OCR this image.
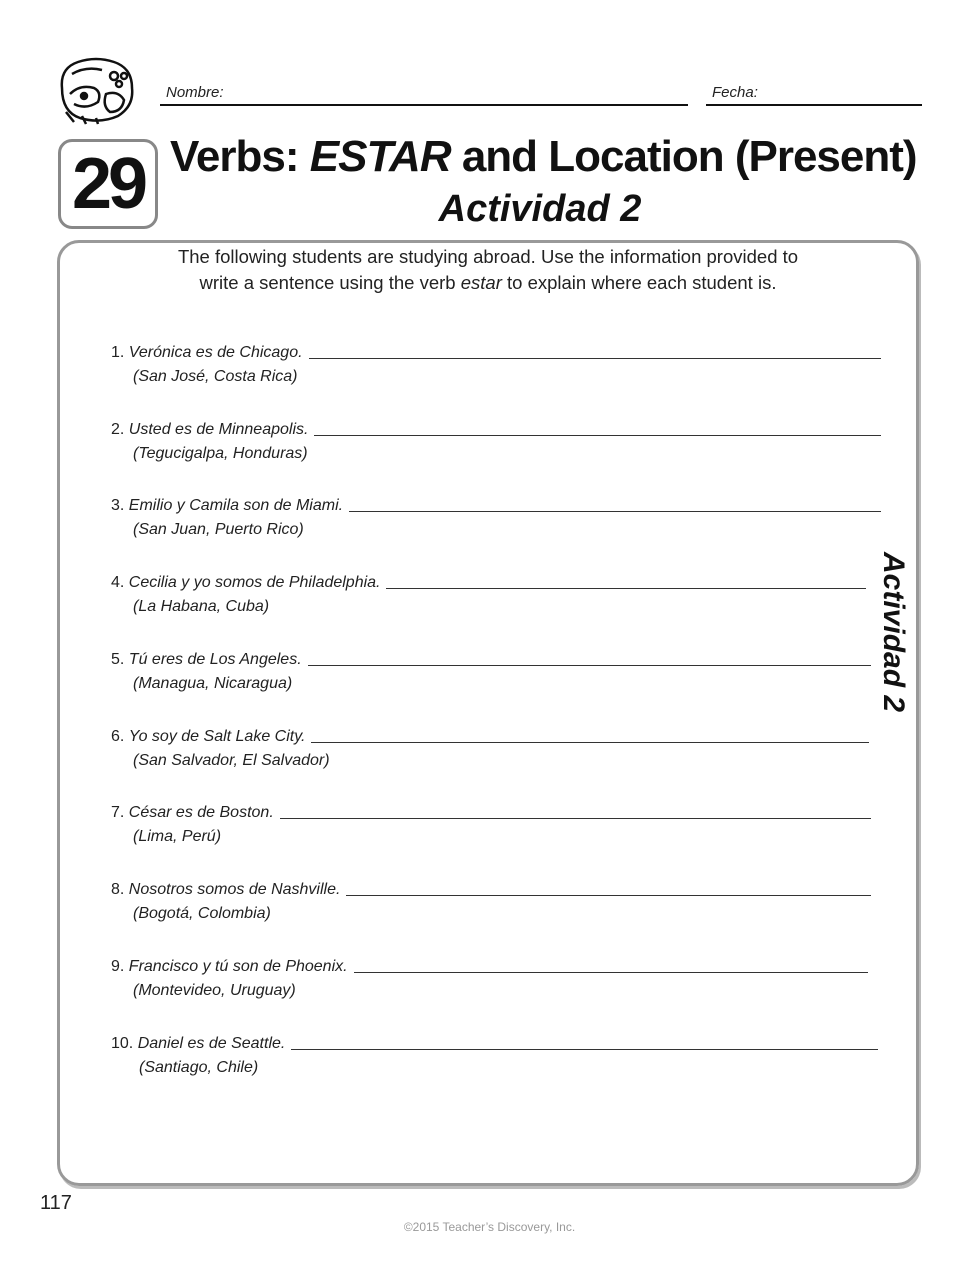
Nombre:	Fecha:
29 Verbs: ESTAR and Location (Present)
Actividad 2
The following students are studying abroad. Use the information provided to
write a sentence using the verb estar to explain where each student is.
1. Verónica es de Chicago.
(San José, Costa Rica)
2. Usted es de Minneapolis.
(Tegucigalpa, Honduras)
3. Emilio y Camila son de Miami.
(San Juan, Puerto Rico)
4. Cecilia y yo somos de Philadelphia.
(La Habana, Cuba)
5. Tú eres de Los Angeles.
(Managua, Nicaragua)
6. Yo soy de Salt Lake City.
(San Salvador, El Salvador)
7. César es de Boston.
(Lima, Perú)
8. Nosotros somos de Nashville.
(Bogotá, Colombia)
9. Francisco y tú son de Phoenix.
(Montevideo, Uruguay)
10. Daniel es de Seattle.
(Santiago, Chile)
Actividad 2
117
©2015 Teacher’s Discovery, Inc.
